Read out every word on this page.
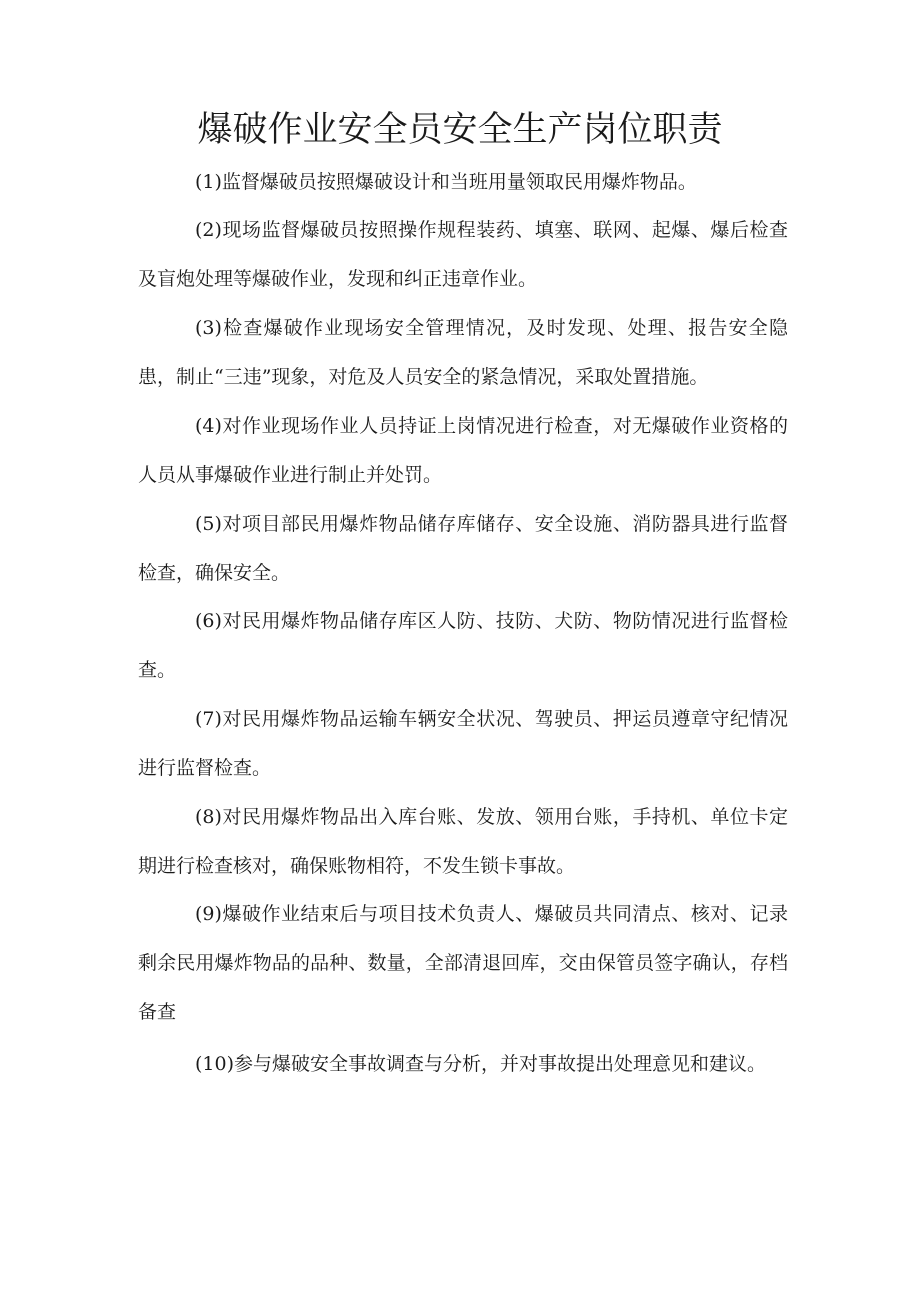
爆破作业安全员安全生产岗位职责

(1)监督爆破员按照爆破设计和当班用量领取民用爆炸物品。

(2)现场监督爆破员按照操作规程装药、填塞、联网、起爆、爆后检查及盲炮处理等爆破作业，发现和纠正违章作业。

(3)检查爆破作业现场安全管理情况，及时发现、处理、报告安全隐患，制止“三违”现象，对危及人员安全的紧急情况，采取处置措施。

(4)对作业现场作业人员持证上岗情况进行检查，对无爆破作业资格的人员从事爆破作业进行制止并处罚。

(5)对项目部民用爆炸物品储存库储存、安全设施、消防器具进行监督检查，确保安全。

(6)对民用爆炸物品储存库区人防、技防、犬防、物防情况进行监督检查。

(7)对民用爆炸物品运输车辆安全状况、驾驶员、押运员遵章守纪情况进行监督检查。

(8)对民用爆炸物品出入库台账、发放、领用台账，手持机、单位卡定期进行检查核对，确保账物相符，不发生锁卡事故。

(9)爆破作业结束后与项目技术负责人、爆破员共同清点、核对、记录剩余民用爆炸物品的品种、数量，全部清退回库，交由保管员签字确认，存档备查

(10)参与爆破安全事故调查与分析，并对事故提出处理意见和建议。
